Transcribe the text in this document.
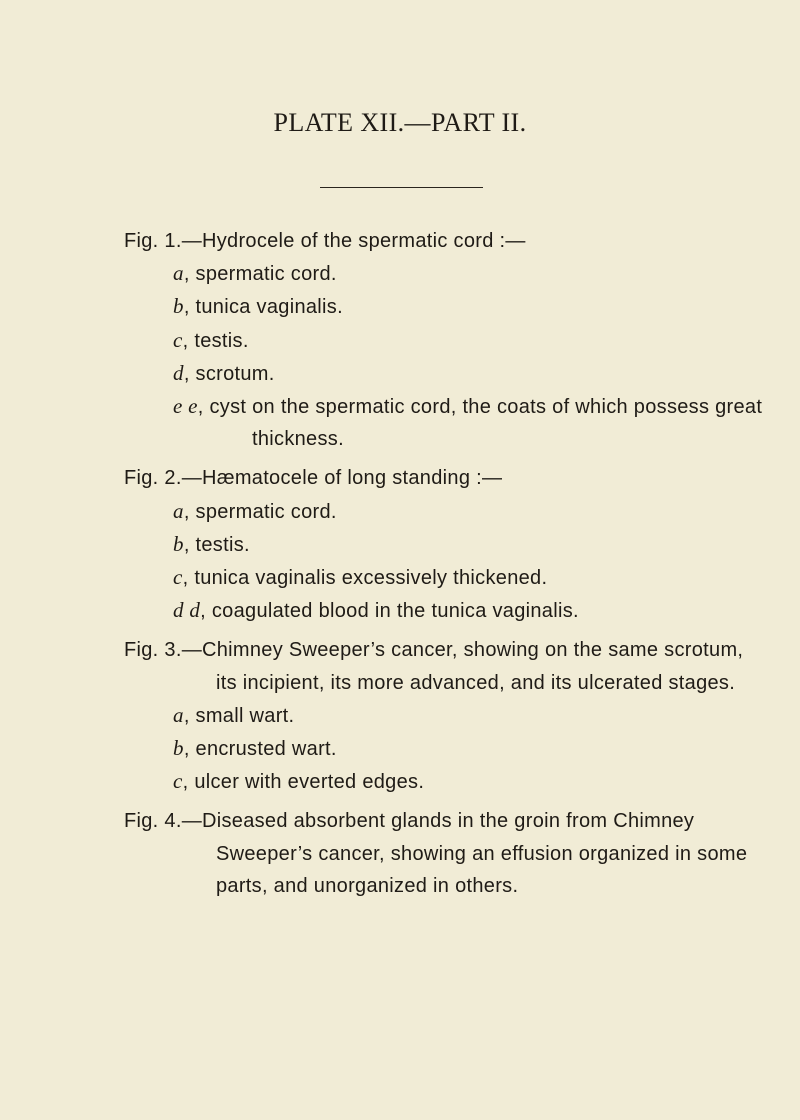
PLATE XII.—PART II.
Fig. 1.—Hydrocele of the spermatic cord :—
a, spermatic cord.
b, tunica vaginalis.
c, testis.
d, scrotum.
e e, cyst on the spermatic cord, the coats of which possess great thickness.
Fig. 2.—Hæmatocele of long standing :—
a, spermatic cord.
b, testis.
c, tunica vaginalis excessively thickened.
d d, coagulated blood in the tunica vaginalis.
Fig. 3.—Chimney Sweeper’s cancer, showing on the same scrotum, its incipient, its more advanced, and its ulcerated stages.
a, small wart.
b, encrusted wart.
c, ulcer with everted edges.
Fig. 4.—Diseased absorbent glands in the groin from Chimney Sweeper’s cancer, showing an effusion organized in some parts, and unorganized in others.
